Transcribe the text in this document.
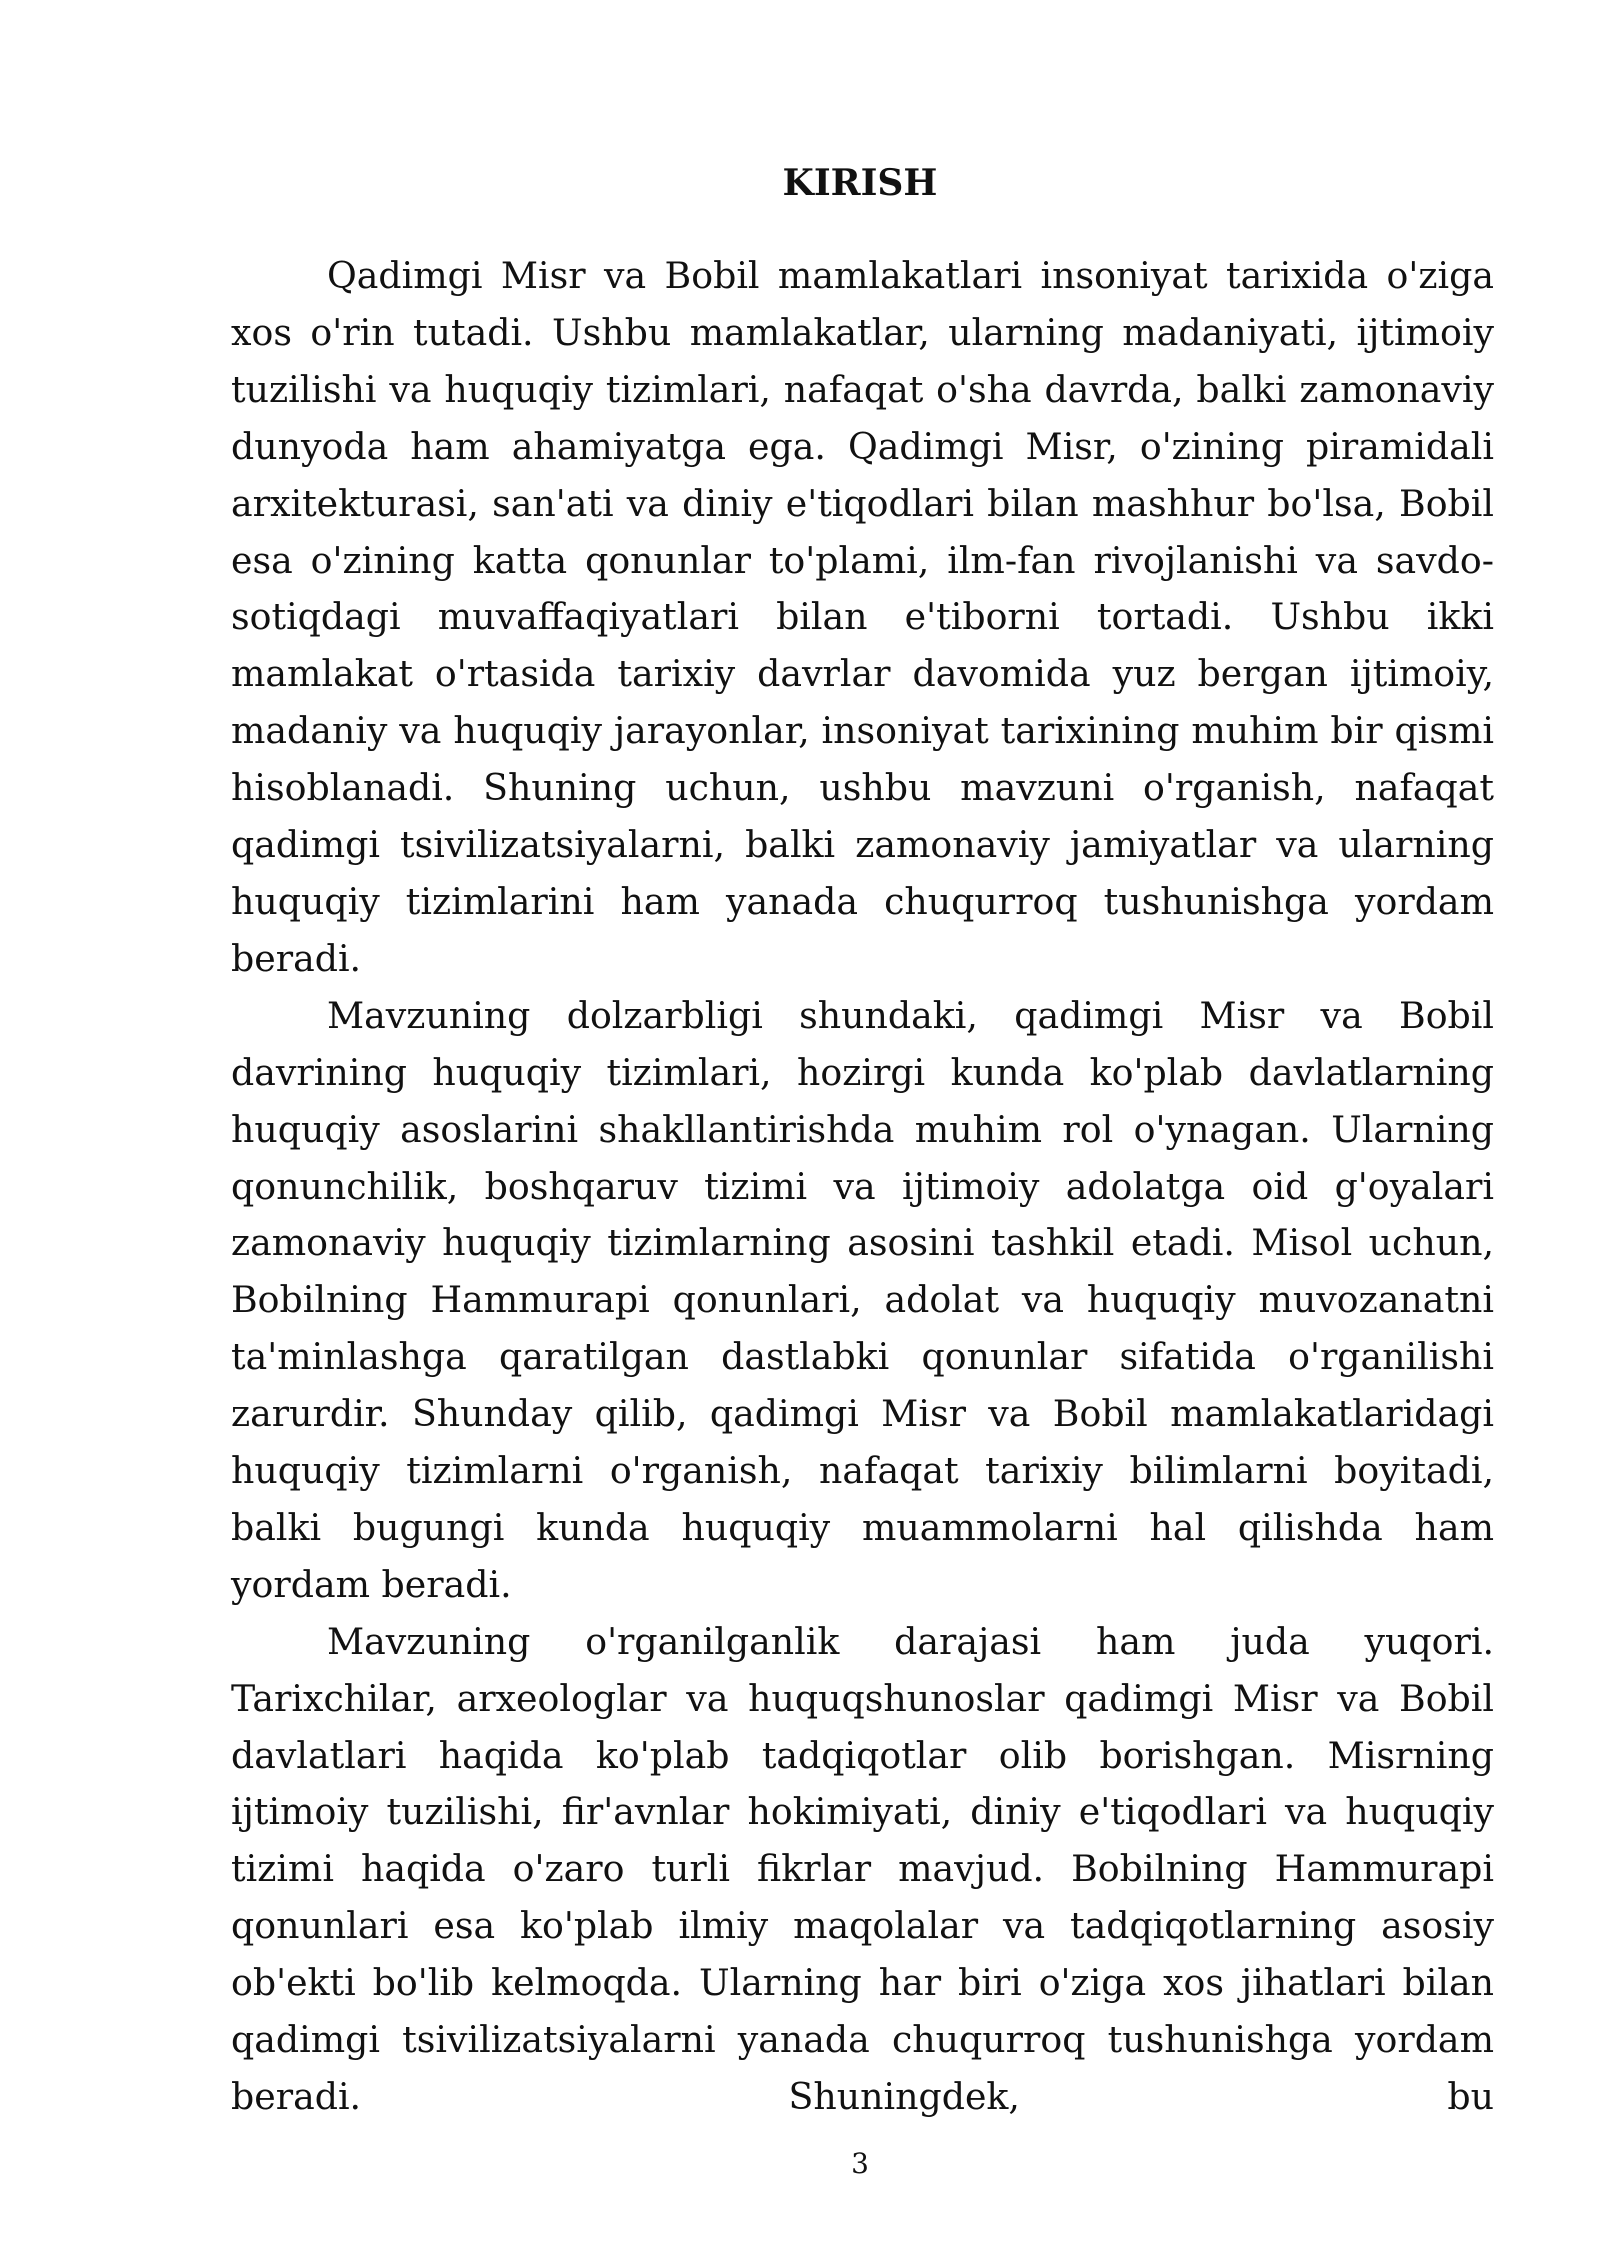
KIRISH

Qadimgi Misr va Bobil mamlakatlari insoniyat tarixida o'ziga xos o'rin tutadi. Ushbu mamlakatlar, ularning madaniyati, ijtimoiy tuzilishi va huquqiy tizimlari, nafaqat o'sha davrda, balki zamonaviy dunyoda ham ahamiyatga ega. Qadimgi Misr, o'zining piramidali arxitekturasi, san'ati va diniy e'tiqodlari bilan mashhur bo'lsa, Bobil esa o'zining katta qonunlar to'plami, ilm-fan rivojlanishi va savdo-sotiqdagi muvaffaqiyatlari bilan e'tiborni tortadi. Ushbu ikki mamlakat o'rtasida tarixiy davrlar davomida yuz bergan ijtimoiy, madaniy va huquqiy jarayonlar, insoniyat tarixining muhim bir qismi hisoblanadi. Shuning uchun, ushbu mavzuni o'rganish, nafaqat qadimgi tsivilizatsiyalarni, balki zamonaviy jamiyatlar va ularning huquqiy tizimlarini ham yanada chuqurroq tushunishga yordam beradi.

Mavzuning dolzarbligi shundaki, qadimgi Misr va Bobil davrining huquqiy tizimlari, hozirgi kunda ko'plab davlatlarning huquqiy asoslarini shakllantirishda muhim rol o'ynagan. Ularning qonunchilik, boshqaruv tizimi va ijtimoiy adolatga oid g'oyalari zamonaviy huquqiy tizimlarning asosini tashkil etadi. Misol uchun, Bobilning Hammurapi qonunlari, adolat va huquqiy muvozanatni ta'minlashga qaratilgan dastlabki qonunlar sifatida o'rganilishi zarurdir. Shunday qilib, qadimgi Misr va Bobil mamlakatlaridagi huquqiy tizimlarni o'rganish, nafaqat tarixiy bilimlarni boyitadi, balki bugungi kunda huquqiy muammolarni hal qilishda ham yordam beradi.

Mavzuning o'rganilganlik darajasi ham juda yuqori. Tarixchilar, arxeologlar va huquqshunoslar qadimgi Misr va Bobil davlatlari haqida ko'plab tadqiqotlar olib borishgan. Misrning ijtimoiy tuzilishi, fir'avnlar hokimiyati, diniy e'tiqodlari va huquqiy tizimi haqida o'zaro turli fikrlar mavjud. Bobilning Hammurapi qonunlari esa ko'plab ilmiy maqolalar va tadqiqotlarning asosiy ob'ekti bo'lib kelmoqda. Ularning har biri o'ziga xos jihatlari bilan qadimgi tsivilizatsiyalarni yanada chuqurroq tushunishga yordam beradi. Shuningdek, bu

3
